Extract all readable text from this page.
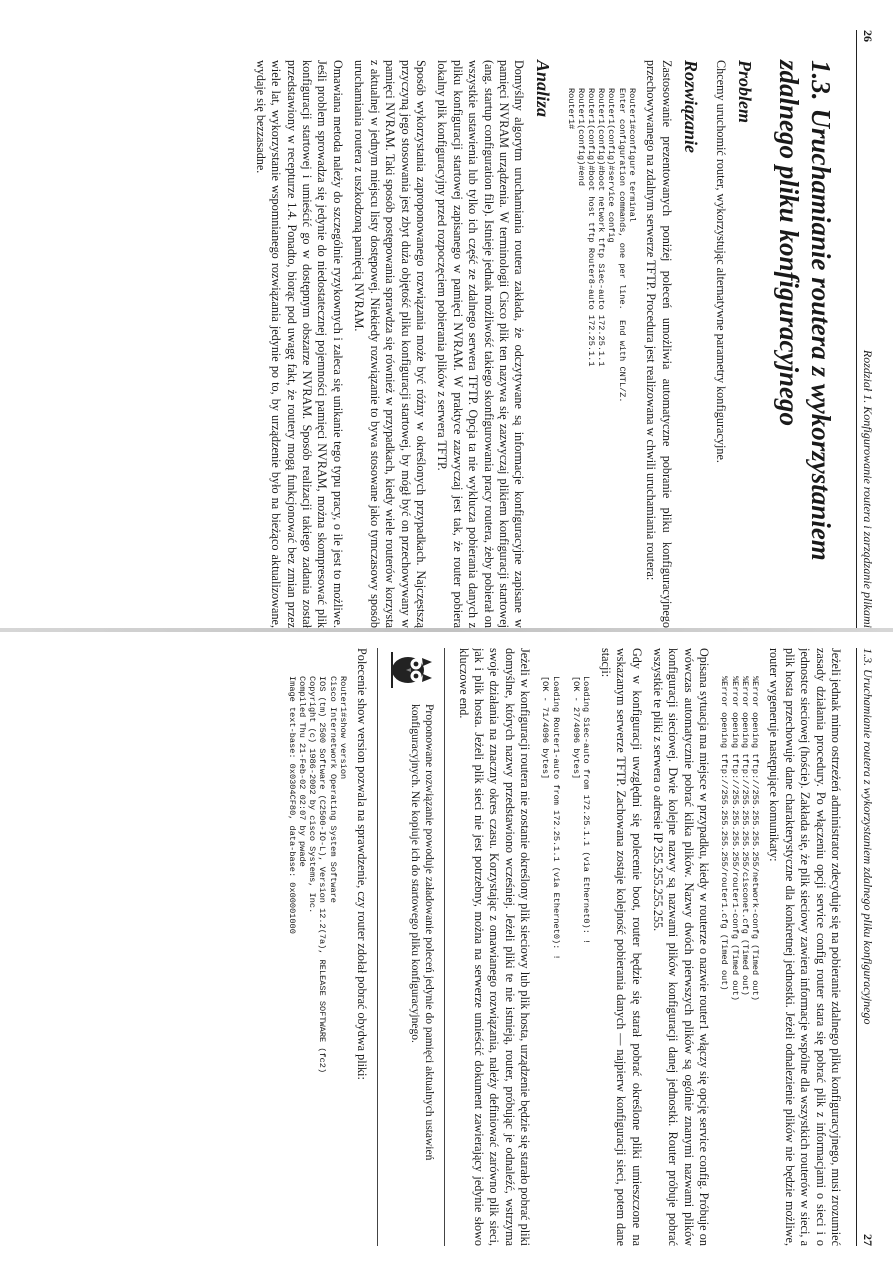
26
Rozdział 1. Konfigurowanie routera i zarządzanie plikami
1.3.Uruchamianie routera z wykorzystaniem zdalnego pliku konfiguracyjnego
Problem

Chcemy uruchomić router, wykorzystując alternatywne parametry konfiguracyjne.

Rozwiązanie

Zastosowanie prezentowanych poniżej poleceń umożliwia automatyczne pobranie pliku konfiguracyjnego przechowywanego na zdalnym serwerze TFTP. Procedura jest realizowana w chwili uruchamiania routera:

Router1#configure terminal
Enter configuration commands, one per line.  End with CNTL/Z.
Router1(config)#service config
Router1(config)#boot network tftp Siec-auto 172.25.1.1
Router1(config)#boot host tftp Router8-auto 172.25.1.1
Router1(config)#end
Router1#
Analiza

Domyślny algorytm uruchamiania routera zakłada, że odczytywane są informacje konfiguracyjne zapisane w pamięci NVRAM urządzenia. W terminologii Cisco plik ten nazywa się zazwyczaj plikiem konfiguracji startowej (ang. startup configuration file). Istnieje jednak możliwość takiego skonfigurowania pracy routera, żeby pobierał on wszystkie ustawienia lub tylko ich część ze zdalnego serwera TFTP. Opcja ta nie wyklucza pobierania danych z pliku konfiguracji startowej zapisanego w pamięci NVRAM. W praktyce zazwyczaj jest tak, że router pobiera lokalny plik konfiguracyjny przed rozpoczęciem pobierania plików z serwera TFTP.

Sposób wykorzystania zaproponowanego rozwiązania może być różny w określonych przypadkach. Najczęstszą przyczyną jego stosowania jest zbyt duża objętość pliku konfiguracji startowej, by mógł być on przechowywany w pamięci NVRAM. Taki sposób postępowania sprawdza się również w przypadkach, kiedy wiele routerów korzysta z aktualnej w jednym miejscu listy dostępowej. Niekiedy rozwiązanie to bywa stosowane jako tymczasowy sposób uruchamiania routera z uszkodzoną pamięcią NVRAM.

Omawiana metoda należy do szczególnie ryzykownych i zaleca się unikanie tego typu pracy, o ile jest to możliwe. Jeśli problem sprowadza się jedynie do niedostatecznej pojemności pamięci NVRAM, można skompresować plik konfiguracji startowej i umieścić go w dostępnym obszarze NVRAM. Sposób realizacji takiego zadania został przedstawiony w recepturze 1.4. Ponadto, biorąc pod uwagę fakt, że routery mogą funkcjonować bez zmian przez wiele lat, wykorzystanie wspomnianego rozwiązania jedynie po to, by urządzenie było na bieżąco aktualizowane, wydaje się bezzasadne.

1.3. Uruchamianie routera z wykorzystaniem zdalnego pliku konfiguracyjnego
27

Jeżeli jednak mimo ostrzeżeń administrator zdecyduje się na pobieranie zdalnego pliku konfiguracyjnego, musi zrozumieć zasady działania procedury. Po włączeniu opcji service config router stara się pobrać plik z informacjami o sieci i o jednostce sieciowej (hoście). Zakłada się, że plik sieciowy zawiera informacje wspólne dla wszystkich routerów w sieci, a plik hosta przechowuje dane charakterystyczne dla konkretnej jednostki. Jeżeli odnalezienie plików nie będzie możliwe, router wygeneruje następujące komunikaty:

%Error opening tftp://255.255.255.255/network-confg (Timed out)
%Error opening tftp://255.255.255.255/cisconet.cfg (Timed out)
%Error opening tftp://255.255.255.255/router1-confg (Timed out)
%Error opening tftp://255.255.255.255/router1.cfg (Timed out)

Opisana sytuacja ma miejsce w przypadku, kiedy w routerze o nazwie router1 włączy się opcję service config. Próbuje on wówczas automatycznie pobrać kilka plików. Nazwy dwóch pierwszych plików są ogólnie znanymi nazwami plików konfiguracji sieciowej. Dwie kolejne nazwy są nazwami plików konfiguracji danej jednostki. Router próbuje pobrać wszystkie te pliki z serwera o adresie IP 255.255.255.255.

Gdy w konfiguracji uwzględni się polecenie boot, router będzie się starał pobrać określone pliki umieszczone na wskazanym serwerze TFTP. Zachowana zostaje kolejność pobierania danych — najpierw konfiguracji sieci, potem dane stacji:

Loading Siec-auto from 172.25.1.1 (via Ethernet0): !
[OK - 27/4096 bytes]

Loading Router1-auto from 172.25.1.1 (via Ethernet0): !
[OK - 71/4096 bytes]

Jeżeli w konfiguracji routera nie zostanie określony plik sieciowy lub plik hosta, urządzenie będzie się starało pobrać pliki domyślne, których nazwy przedstawiono wcześniej. Jeżeli pliki te nie istnieją, router, próbując je odnaleźć, wstrzyma swoje działania na znaczny okres czasu. Korzystając z omawianego rozwiązania, należy definiować zarówno plik sieci, jak i plik hosta. Jeżeli plik sieci nie jest potrzebny, można na serwerze umieścić dokument zawierający jedynie słowo kluczowe end.

Proponowane rozwiązanie powoduje załadowanie poleceń jedynie do pamięci aktualnych ustawień konfiguracyjnych. Nie kopiuje ich do startowego pliku konfiguracyjnego.

Polecenie show version pozwala na sprawdzenie, czy router zdołał pobrać obydwa pliki:

Router1#show version
Cisco Internetwork Operating System Software
IOS (tm) 2500 Software (C2500-IO-L), Version 12.2(7a), RELEASE SOFTWARE (fc2)
Copyright (c) 1986-2002 by cisco Systems, Inc.
Compiled Thu 21-Feb-02 02:07 by pwade
Image text-base: 0x0304CF80, data-base: 0x00001000
